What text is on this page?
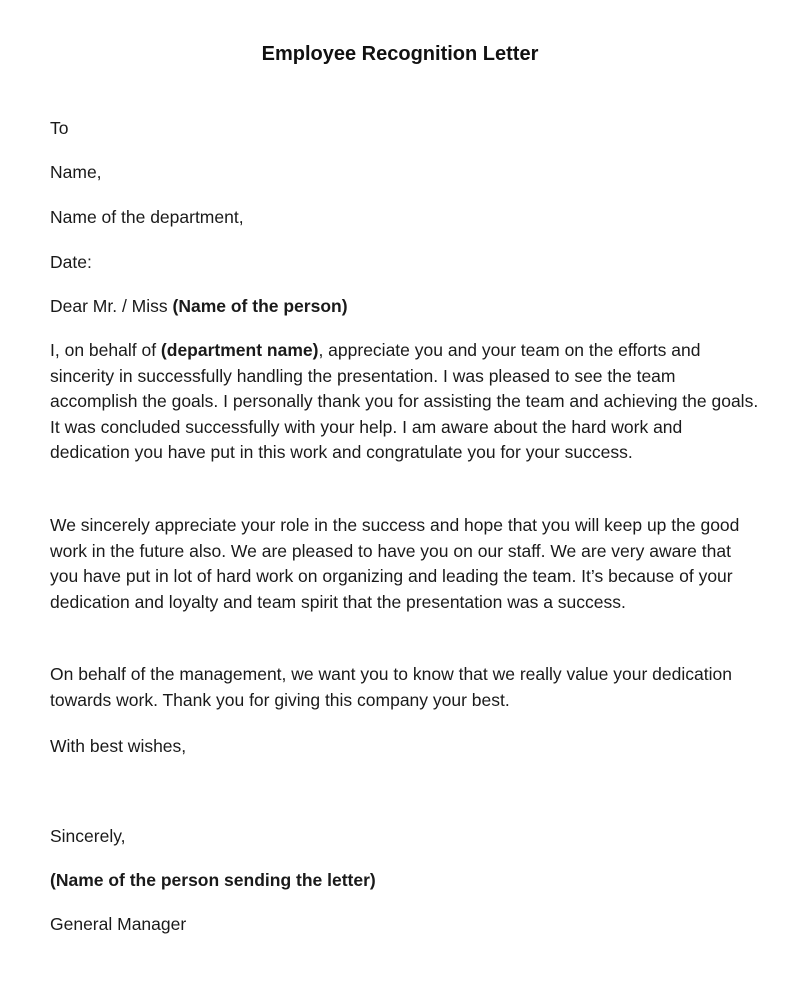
Employee Recognition Letter
To
Name,
Name of the department,
Date:
Dear Mr. / Miss (Name of the person)
I, on behalf of (department name), appreciate you and your team on the efforts and sincerity in successfully handling the presentation. I was pleased to see the team accomplish the goals. I personally thank you for assisting the team and achieving the goals. It was concluded successfully with your help. I am aware about the hard work and dedication you have put in this work and congratulate you for your success.
We sincerely appreciate your role in the success and hope that you will keep up the good work in the future also. We are pleased to have you on our staff. We are very aware that you have put in lot of hard work on organizing and leading the team. It’s because of your dedication and loyalty and team spirit that the presentation was a success.
On behalf of the management, we want you to know that we really value your dedication towards work. Thank you for giving this company your best.
With best wishes,
Sincerely,
(Name of the person sending the letter)
General Manager
